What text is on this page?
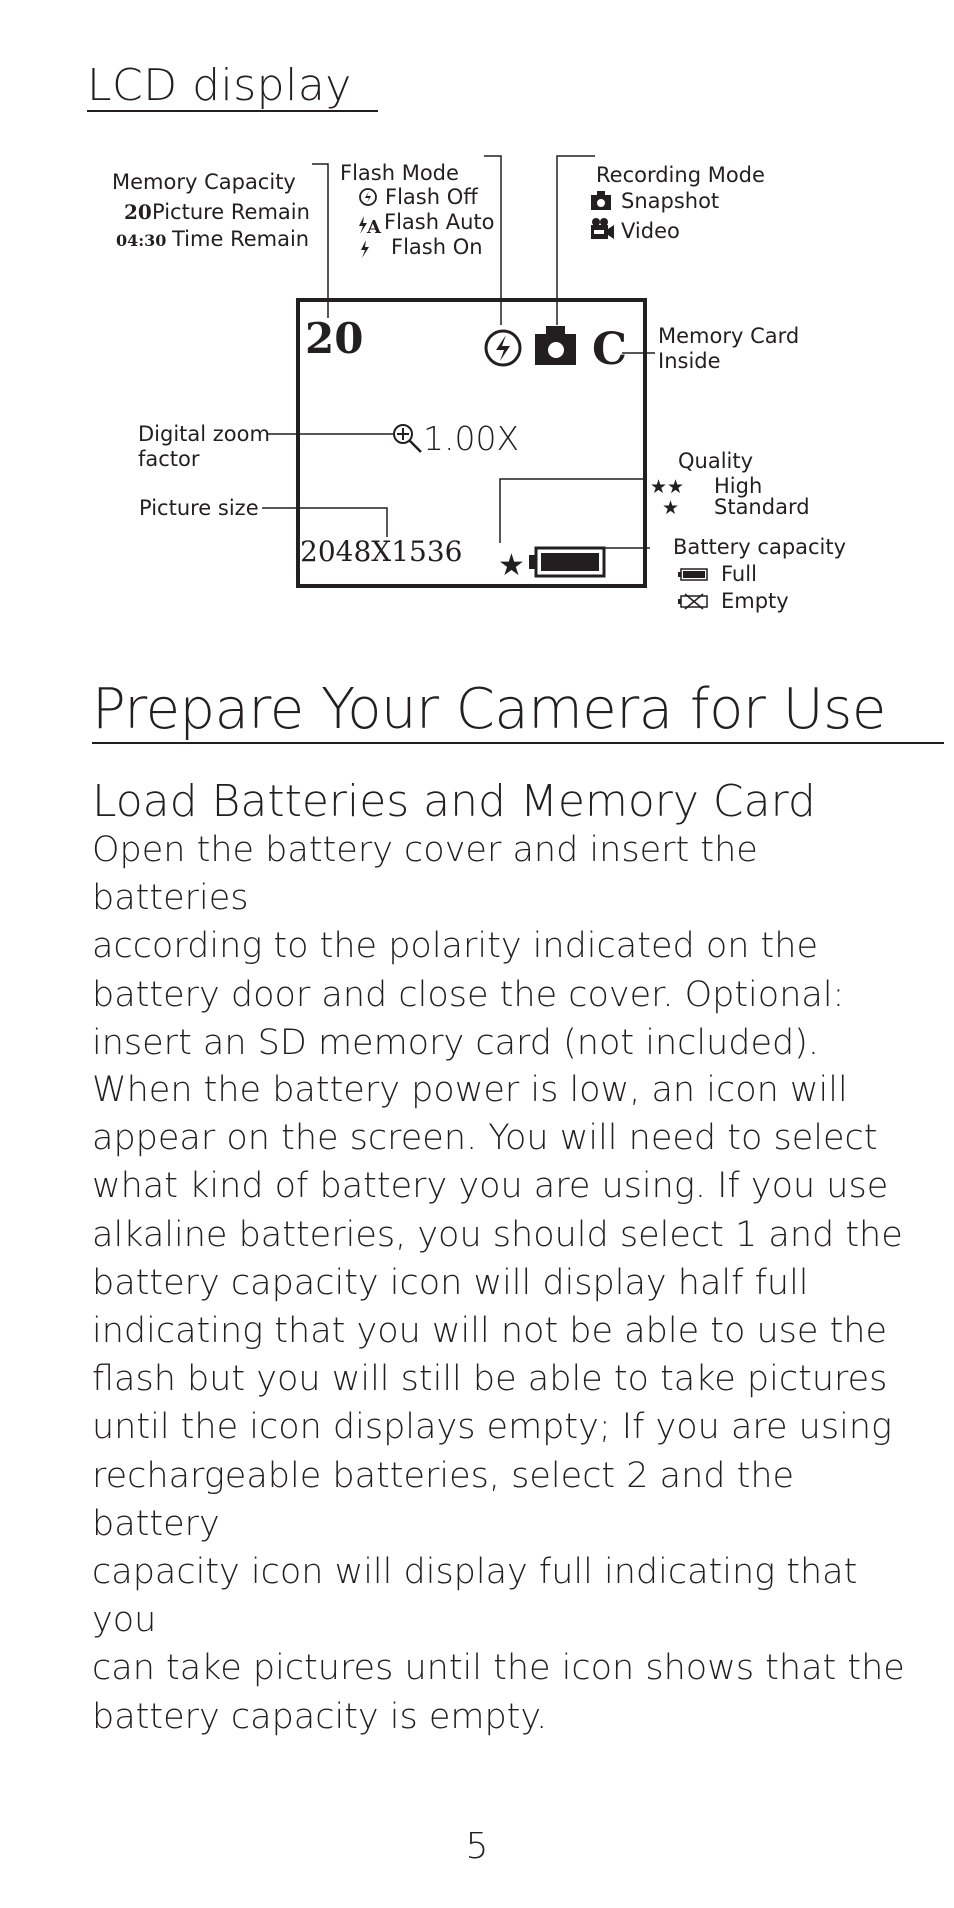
LCD display
Memory Capacity
20 Picture Remain
04:30 Time Remain
Flash Mode
Flash Off
A Flash Auto
Flash On
Recording Mode
Snapshot
Video
20	C
1.00X
2048X1536 ★
Memory Card
Inside
Digital zoom
factor
Picture size
Quality
★★ High
★ Standard
Battery capacity
Full
Empty
Prepare Your Camera for Use
Load Batteries and Memory Card
Open the battery cover and insert the batteries
according to the polarity indicated on the
battery door and close the cover. Optional:
insert an SD memory card (not included).
When the battery power is low, an icon will
appear on the screen. You will need to select
what kind of battery you are using. If you use
alkaline batteries, you should select 1 and the
battery capacity icon will display half full
indicating that you will not be able to use the
flash but you will still be able to take pictures
until the icon displays empty; If you are using
rechargeable batteries, select 2 and the battery
capacity icon will display full indicating that you
can take pictures until the icon shows that the
battery capacity is empty.
5
